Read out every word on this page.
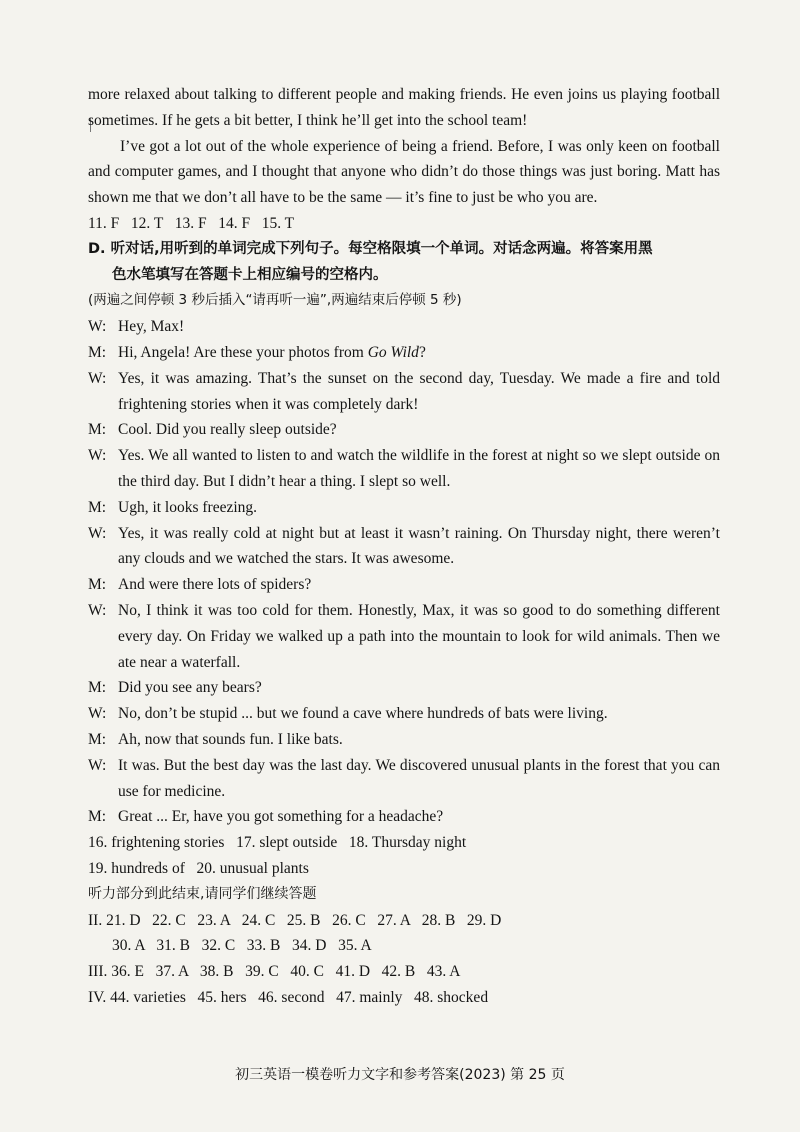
more relaxed about talking to different people and making friends. He even joins us playing football sometimes. If he gets a bit better, I think he’ll get into the school team!

I’ve got a lot out of the whole experience of being a friend. Before, I was only keen on football and computer games, and I thought that anyone who didn’t do those things was just boring. Matt has shown me that we don’t all have to be the same — it’s fine to just be who you are.

11. F   12. T   13. F   14. F   15. T

D. 听对话,用听到的单词完成下列句子。每空格限填一个单词。对话念两遍。将答案用黑
色水笔填写在答题卡上相应编号的空格内。

(两遍之间停顿 3 秒后插入“请再听一遍”,两遍结束后停顿 5 秒)

W: Hey, Max!
M: Hi, Angela! Are these your photos from Go Wild?
W: Yes, it was amazing. That’s the sunset on the second day, Tuesday. We made a fire and told frightening stories when it was completely dark!
M: Cool. Did you really sleep outside?
W: Yes. We all wanted to listen to and watch the wildlife in the forest at night so we slept outside on the third day. But I didn’t hear a thing. I slept so well.
M: Ugh, it looks freezing.
W: Yes, it was really cold at night but at least it wasn’t raining. On Thursday night, there weren’t any clouds and we watched the stars. It was awesome.
M: And were there lots of spiders?
W: No, I think it was too cold for them. Honestly, Max, it was so good to do something different every day. On Friday we walked up a path into the mountain to look for wild animals. Then we ate near a waterfall.
M: Did you see any bears?
W: No, don’t be stupid ... but we found a cave where hundreds of bats were living.
M: Ah, now that sounds fun. I like bats.
W: It was. But the best day was the last day. We discovered unusual plants in the forest that you can use for medicine.
M: Great ... Er, have you got something for a headache?

16. frightening stories   17. slept outside   18. Thursday night

19. hundreds of   20. unusual plants

听力部分到此结束,请同学们继续答题

II. 21. D   22. C   23. A   24. C   25. B   26. C   27. A   28. B   29. D

30. A   31. B   32. C   33. B   34. D   35. A

III. 36. E   37. A   38. B   39. C   40. C   41. D   42. B   43. A

IV. 44. varieties   45. hers   46. second   47. mainly   48. shocked

初三英语一模卷听力文字和参考答案(2023) 第 25 页
